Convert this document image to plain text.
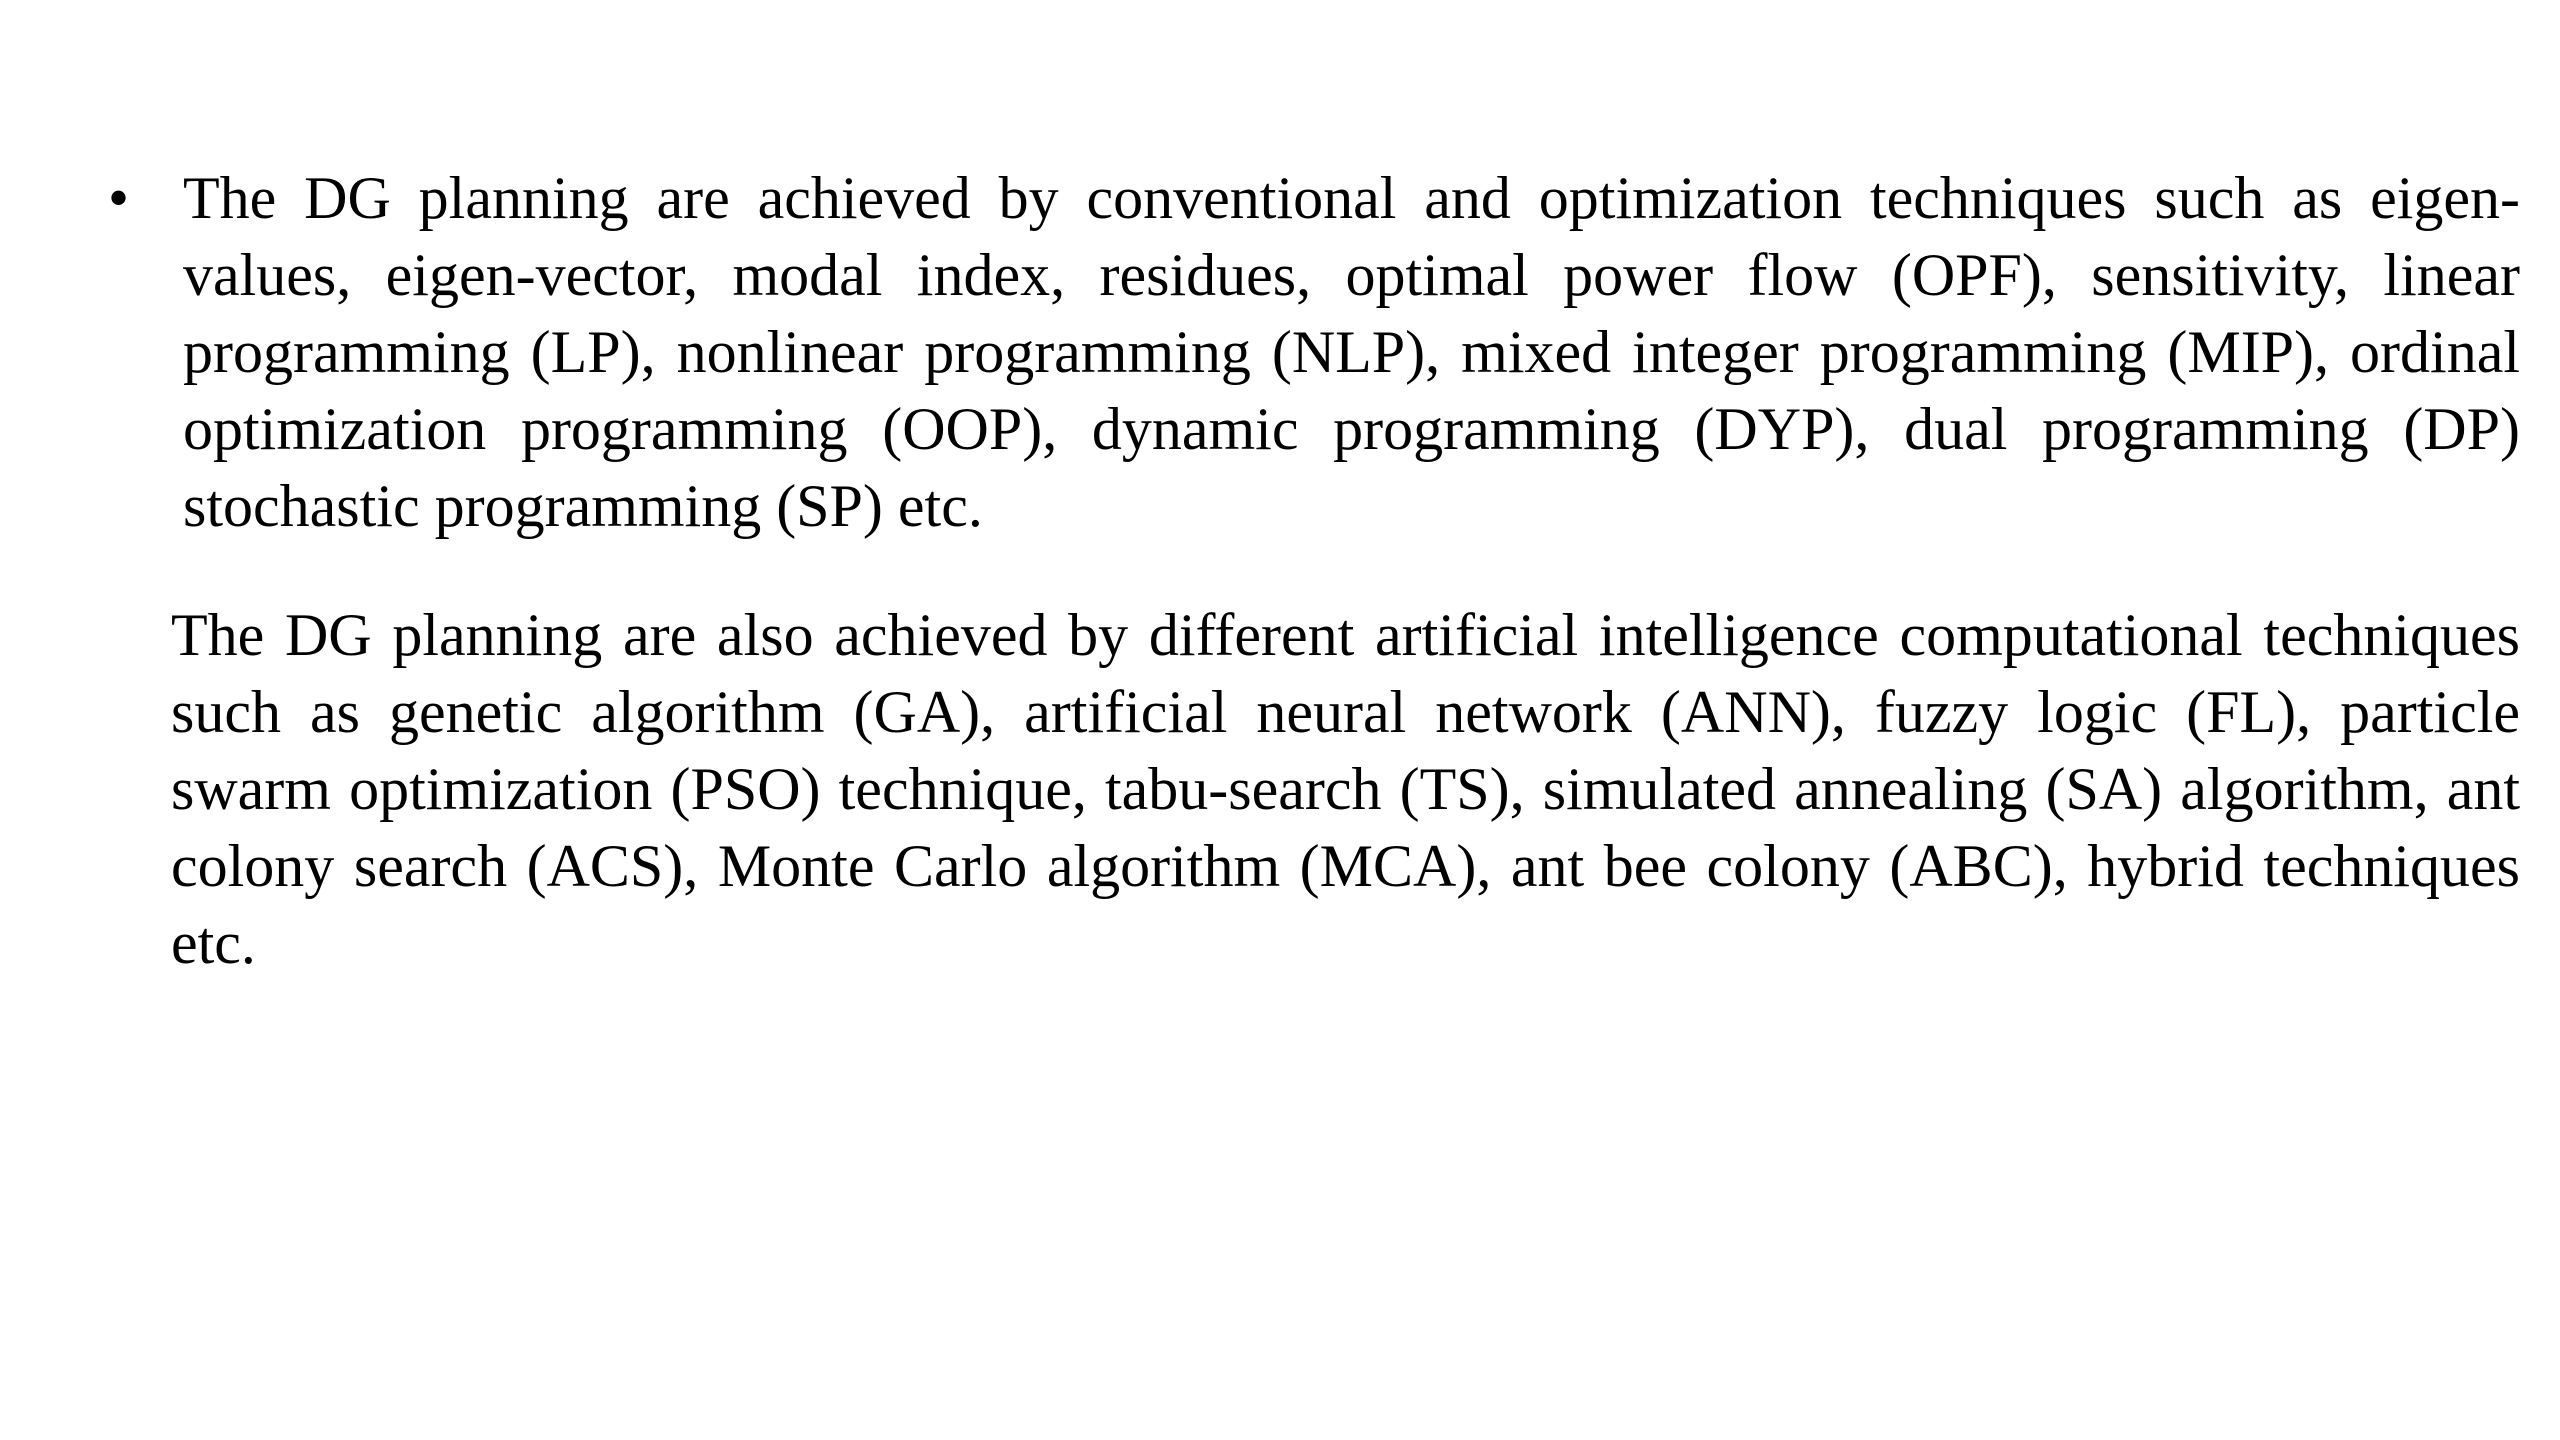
• The DG planning are achieved by conventional and optimization techniques such as eigen-values, eigen-vector, modal index, residues, optimal power flow (OPF), sensitivity, linear programming (LP), nonlinear programming (NLP), mixed integer programming (MIP), ordinal optimization programming (OOP), dynamic programming (DYP), dual programming (DP) stochastic programming (SP) etc.
The DG planning are also achieved by different artificial intelligence computational techniques such as genetic algorithm (GA), artificial neural network (ANN), fuzzy logic (FL), particle swarm optimization (PSO) technique, tabu-search (TS), simulated annealing (SA) algorithm, ant colony search (ACS), Monte Carlo algorithm (MCA), ant bee colony (ABC), hybrid techniques etc.
